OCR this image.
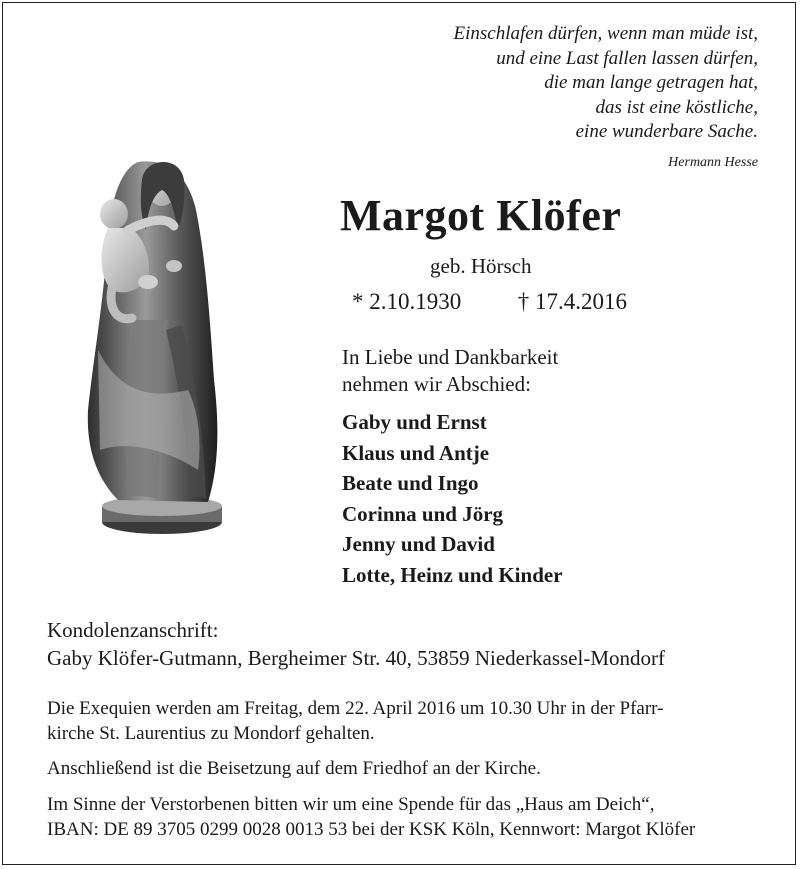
Einschlafen dürfen, wenn man müde ist,
und eine Last fallen lassen dürfen,
die man lange getragen hat,
das ist eine köstliche,
eine wunderbare Sache.
Hermann Hesse
Margot Klöfer
geb. Hörsch
* 2.10.1930 † 17.4.2016
In Liebe und Dankbarkeit
nehmen wir Abschied:
Gaby und Ernst
Klaus und Antje
Beate und Ingo
Corinna und Jörg
Jenny und David
Lotte, Heinz und Kinder
Kondolenzanschrift:
Gaby Klöfer-Gutmann, Bergheimer Str. 40, 53859 Niederkassel-Mondorf
Die Exequien werden am Freitag, dem 22. April 2016 um 10.30 Uhr in der Pfarr-
kirche St. Laurentius zu Mondorf gehalten.
Anschließend ist die Beisetzung auf dem Friedhof an der Kirche.
Im Sinne der Verstorbenen bitten wir um eine Spende für das „Haus am Deich“,
IBAN: DE 89 3705 0299 0028 0013 53 bei der KSK Köln, Kennwort: Margot Klöfer
